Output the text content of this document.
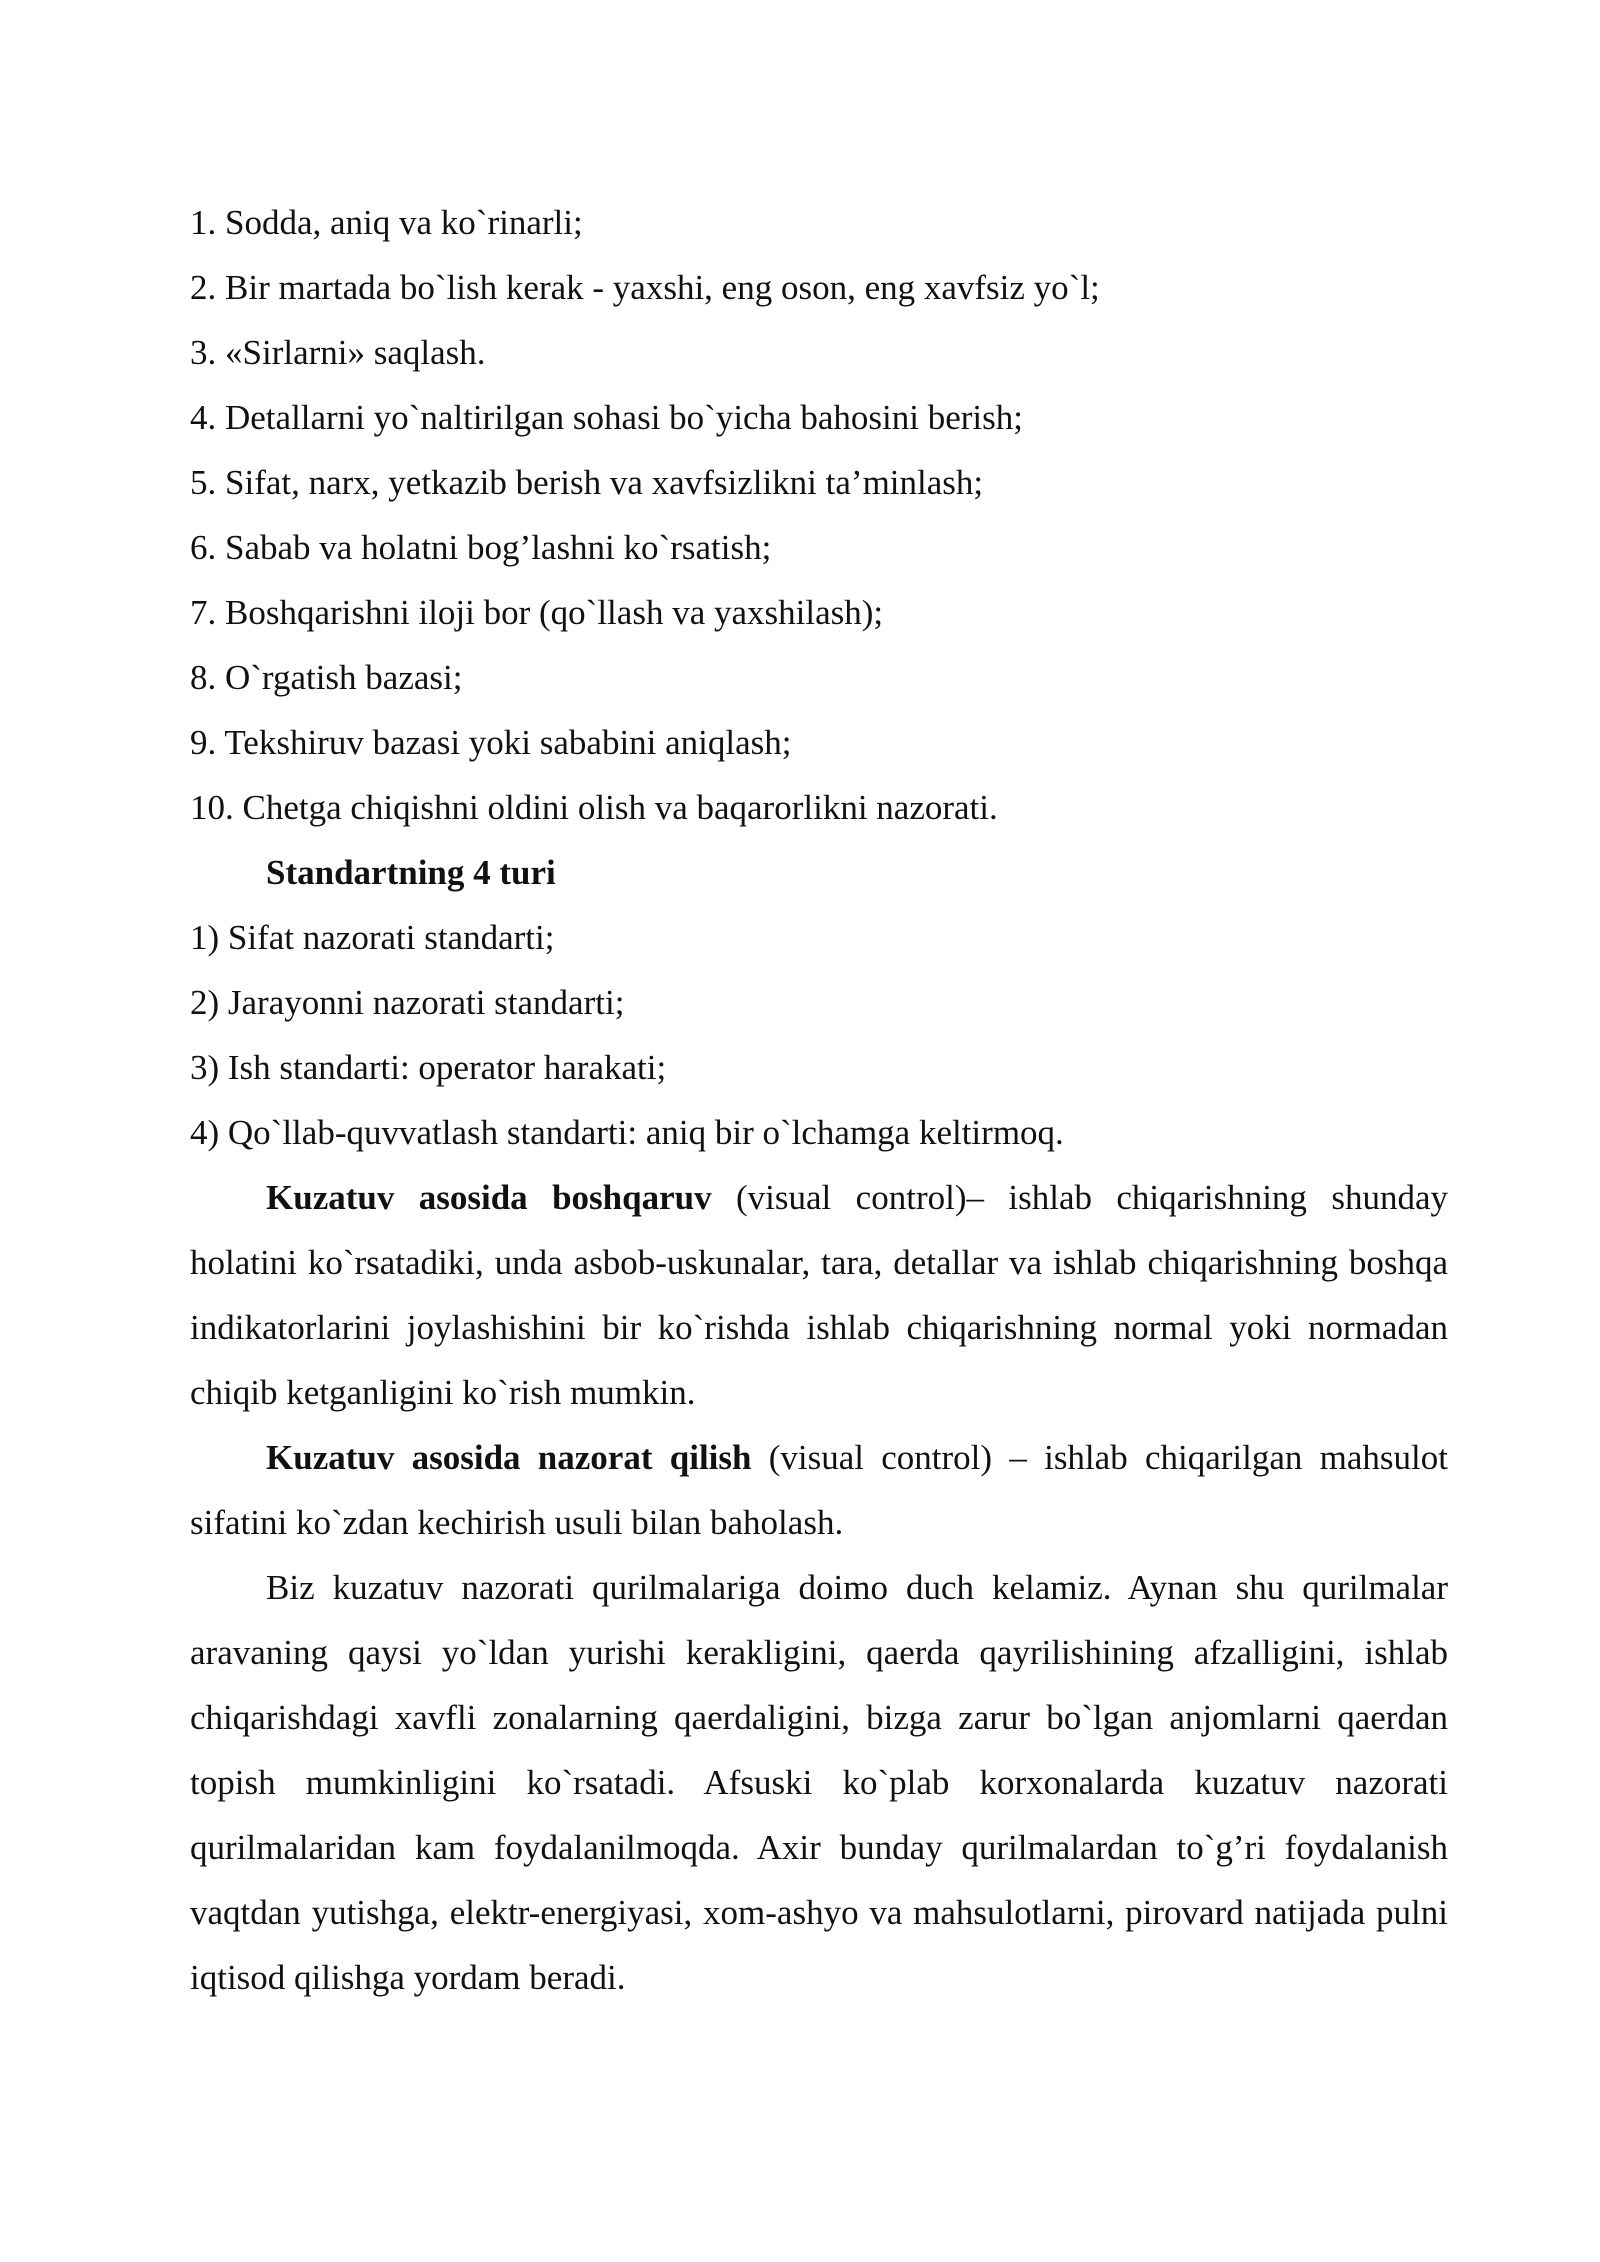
1. Sodda, aniq va ko`rinarli;

2. Bir martada bo`lish kerak - yaxshi, eng oson, eng xavfsiz yo`l;

3. «Sirlarni» saqlash.

4. Detallarni yo`naltirilgan sohasi bo`yicha bahosini berish;

5. Sifat, narx, yetkazib berish va xavfsizlikni ta’minlash;

6. Sabab va holatni bog’lashni ko`rsatish;

7. Boshqarishni iloji bor (qo`llash va yaxshilash);

8. O`rgatish bazasi;

9. Tekshiruv bazasi yoki sababini aniqlash;

10. Chetga chiqishni oldini olish va baqarorlikni nazorati.

Standartning 4 turi

1) Sifat nazorati standarti;

2) Jarayonni nazorati standarti;

3) Ish standarti: operator harakati;

4) Qo`llab-quvvatlash standarti: aniq bir o`lchamga keltirmoq.

Kuzatuv asosida boshqaruv (visual control)– ishlab chiqarishning shunday holatini ko`rsatadiki, unda asbob-uskunalar, tara, detallar va ishlab chiqarishning boshqa indikatorlarini joylashishini bir ko`rishda ishlab chiqarishning normal yoki normadan chiqib ketganligini ko`rish mumkin.

Kuzatuv asosida nazorat qilish (visual control) – ishlab chiqarilgan mahsulot sifatini ko`zdan kechirish usuli bilan baholash.

Biz kuzatuv nazorati qurilmalariga doimo duch kelamiz. Aynan shu qurilmalar aravaning qaysi yo`ldan yurishi kerakligini, qaerda qayrilishining afzalligini, ishlab chiqarishdagi xavfli zonalarning qaerdaligini, bizga zarur bo`lgan anjomlarni qaerdan topish mumkinligini ko`rsatadi. Afsuski ko`plab korxonalarda kuzatuv nazorati qurilmalaridan kam foydalanilmoqda. Axir bunday qurilmalardan to`g’ri foydalanish vaqtdan yutishga, elektr-energiyasi, xom-ashyo va mahsulotlarni, pirovard natijada pulni iqtisod qilishga yordam beradi.
